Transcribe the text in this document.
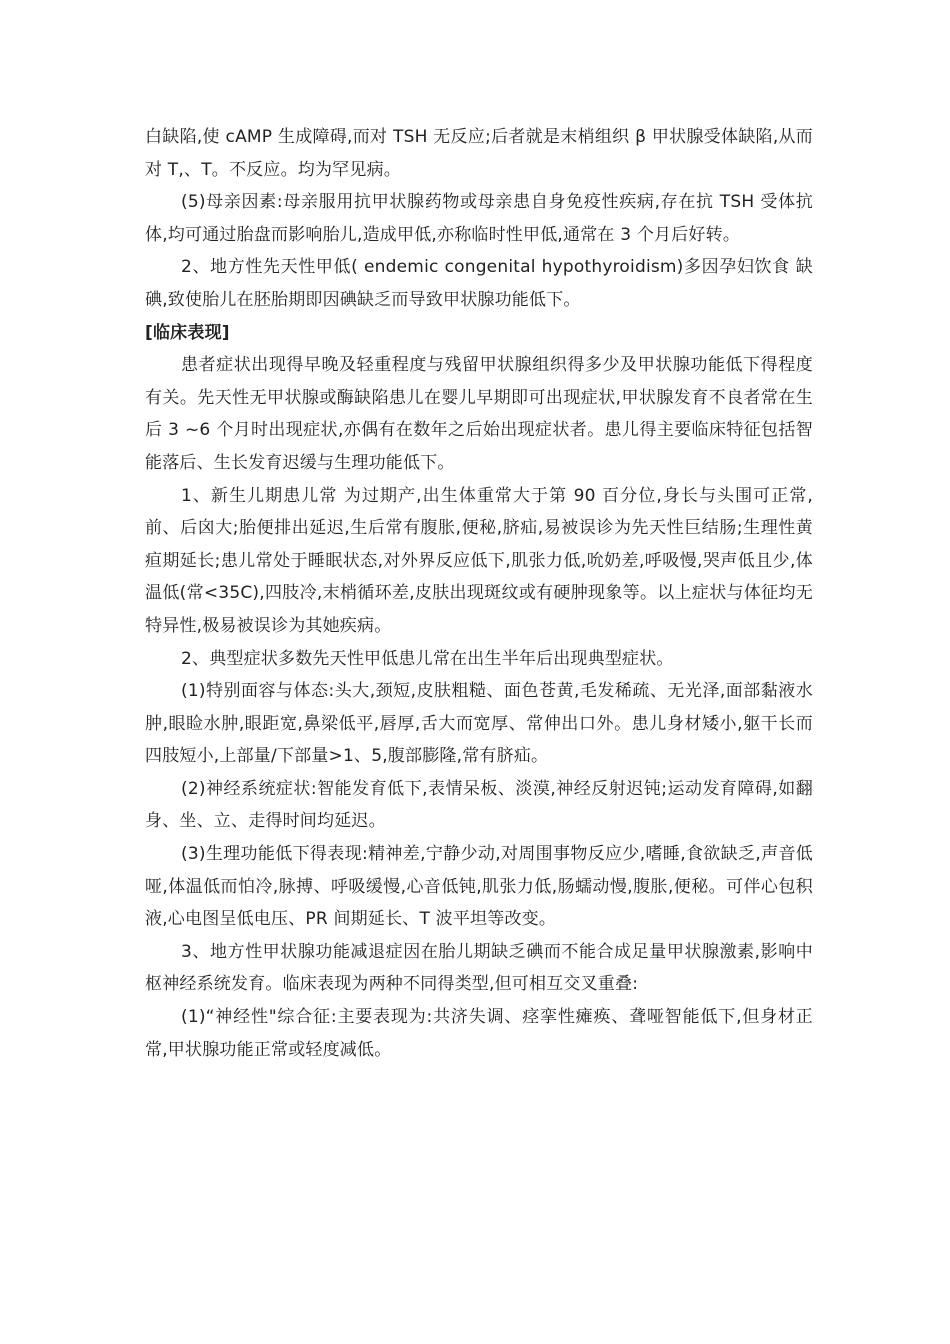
白缺陷,使 cAMP 生成障碍,而对 TSH 无反应;后者就是末梢组织 β 甲状腺受体缺陷,从而对 T,、T。不反应。均为罕见病。

(5)母亲因素:母亲服用抗甲状腺药物或母亲患自身免疫性疾病,存在抗 TSH 受体抗体,均可通过胎盘而影响胎儿,造成甲低,亦称临时性甲低,通常在 3 个月后好转。

2、地方性先天性甲低( endemic congenital hypothyroidism)多因孕妇饮食 缺碘,致使胎儿在胚胎期即因碘缺乏而导致甲状腺功能低下。

[临床表现]

患者症状出现得早晚及轻重程度与残留甲状腺组织得多少及甲状腺功能低下得程度有关。先天性无甲状腺或酶缺陷患儿在婴儿早期即可出现症状,甲状腺发育不良者常在生后 3 ~6 个月时出现症状,亦偶有在数年之后始出现症状者。患儿得主要临床特征包括智能落后、生长发育迟缓与生理功能低下。

1、新生儿期患儿常 为过期产,出生体重常大于第 90 百分位,身长与头围可正常,前、后囟大;胎便排出延迟,生后常有腹胀,便秘,脐疝,易被误诊为先天性巨结肠;生理性黄疸期延长;患儿常处于睡眠状态,对外界反应低下,肌张力低,吮奶差,呼吸慢,哭声低且少,体温低(常<35C),四肢冷,末梢循环差,皮肤出现斑纹或有硬肿现象等。以上症状与体征均无特异性,极易被误诊为其她疾病。

2、典型症状多数先天性甲低患儿常在出生半年后出现典型症状。

(1)特别面容与体态:头大,颈短,皮肤粗糙、面色苍黄,毛发稀疏、无光泽,面部黏液水肿,眼睑水肿,眼距宽,鼻梁低平,唇厚,舌大而宽厚、常伸出口外。患儿身材矮小,躯干长而四肢短小,上部量/下部量>1、5,腹部膨隆,常有脐疝。

(2)神经系统症状:智能发育低下,表情呆板、淡漠,神经反射迟钝;运动发育障碍,如翻身、坐、立、走得时间均延迟。

(3)生理功能低下得表现:精神差,宁静少动,对周围事物反应少,嗜睡,食欲缺乏,声音低哑,体温低而怕冷,脉搏、呼吸缓慢,心音低钝,肌张力低,肠蠕动慢,腹胀,便秘。可伴心包积液,心电图呈低电压、PR 间期延长、T 波平坦等改变。

3、地方性甲状腺功能减退症因在胎儿期缺乏碘而不能合成足量甲状腺激素,影响中枢神经系统发育。临床表现为两种不同得类型,但可相互交叉重叠:

(1)“神经性"综合征:主要表现为:共济失调、痉挛性瘫痪、聋哑智能低下,但身材正常,甲状腺功能正常或轻度减低。
